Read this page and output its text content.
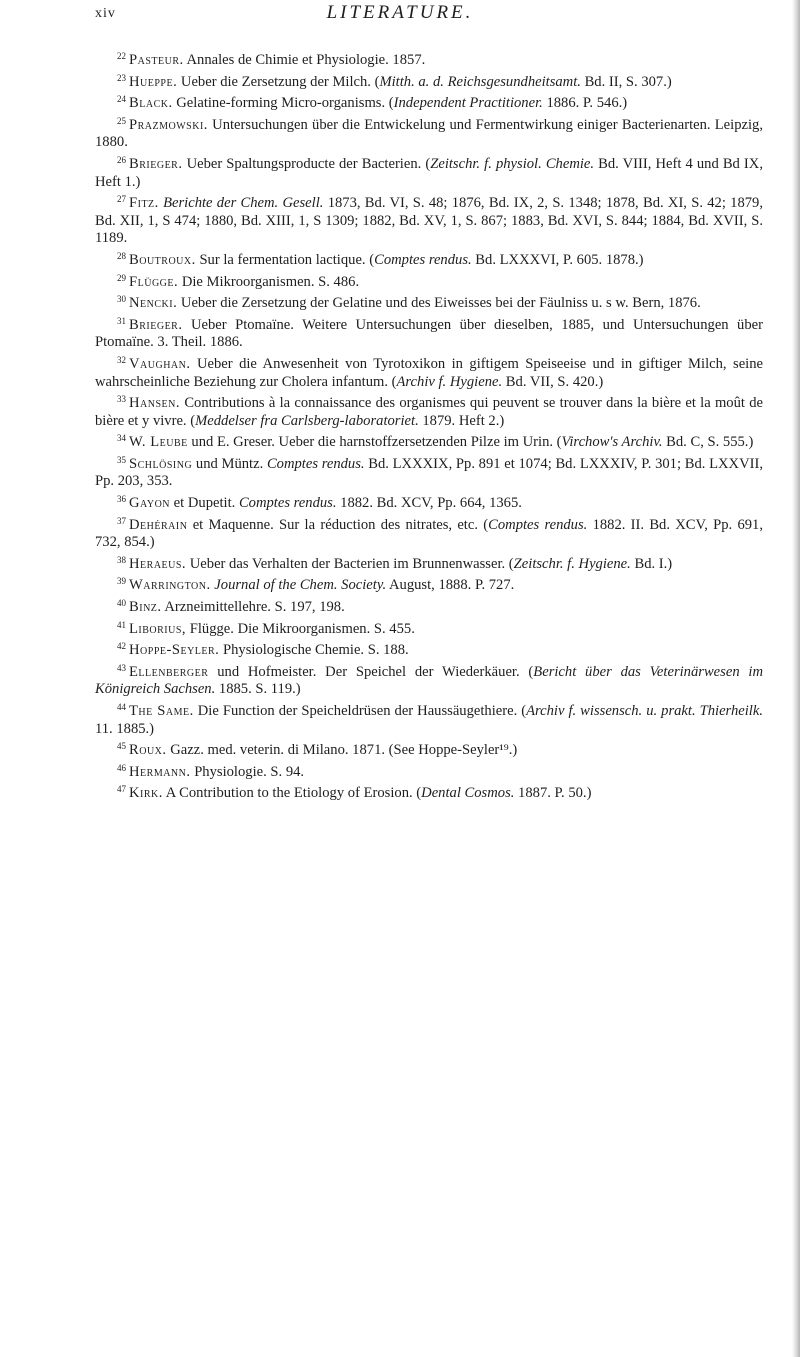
xiv	LITERATURE.
$^{22}$ Pasteur. Annales de Chimie et Physiologie. 1857.
$^{23}$ Hueppe. Ueber die Zersetzung der Milch. (Mitth. a. d. Reichsgesundheitsamt. Bd. II, S. 307.)
$^{24}$ Black. Gelatine-forming Micro-organisms. (Independent Practitioner. 1886. P. 546.)
$^{25}$ Prazmowski. Untersuchungen über die Entwickelung und Fermentwirkung einiger Bacterienarten. Leipzig, 1880.
$^{26}$ Brieger. Ueber Spaltungsproducte der Bacterien. (Zeitschr. f. physiol. Chemie. Bd. VIII, Heft 4 und Bd IX, Heft 1.)
$^{27}$ Fitz. Berichte der Chem. Gesell. 1873, Bd. VI, S. 48; 1876, Bd. IX, 2, S. 1348; 1878, Bd. XI, S. 42; 1879, Bd. XII, 1, S 474; 1880, Bd. XIII, 1, S 1309; 1882, Bd. XV, 1, S. 867; 1883, Bd. XVI, S. 844; 1884, Bd. XVII, S. 1189.
$^{28}$ Boutroux. Sur la fermentation lactique. (Comptes rendus. Bd. LXXXVI, P. 605. 1878.)
$^{29}$ Flügge. Die Mikroorganismen. S. 486.
$^{30}$ Nencki. Ueber die Zersetzung der Gelatine und des Eiweisses bei der Fäulniss u. s w. Bern, 1876.
$^{31}$ Brieger. Ueber Ptomaïne. Weitere Untersuchungen über dieselben, 1885, und Untersuchungen über Ptomaïne. 3. Theil. 1886.
$^{32}$ Vaughan. Ueber die Anwesenheit von Tyrotoxikon in giftigem Speiseeise und in giftiger Milch, seine wahrscheinliche Beziehung zur Cholera infantum. (Archiv f. Hygiene. Bd. VII, S. 420.)
$^{33}$ Hansen. Contributions à la connaissance des organismes qui peuvent se trouver dans la bière et la moût de bière et y vivre. (Meddelser fra Carlsberg-laboratoriet. 1879. Heft 2.)
$^{34}$ W. Leube und E. Greser. Ueber die harnstoffzersetzenden Pilze im Urin. (Virchow's Archiv. Bd. C, S. 555.)
$^{35}$ Schlösing und Müntz. Comptes rendus. Bd. LXXXIX, Pp. 891 et 1074; Bd. LXXXIV, P. 301; Bd. LXXVII, Pp. 203, 353.
$^{36}$ Gayon et Dupetit. Comptes rendus. 1882. Bd. XCV, Pp. 664, 1365.
$^{37}$ Dehérain et Maquenne. Sur la réduction des nitrates, etc. (Comptes rendus. 1882. II. Bd. XCV, Pp. 691, 732, 854.)
$^{38}$ Heraeus. Ueber das Verhalten der Bacterien im Brunnenwasser. (Zeitschr. f. Hygiene. Bd. I.)
$^{39}$ Warrington. Journal of the Chem. Society. August, 1888. P. 727.
$^{40}$ Binz. Arzneimittellehre. S. 197, 198.
$^{41}$ Liborius, Flügge. Die Mikroorganismen. S. 455.
$^{42}$ Hoppe-Seyler. Physiologische Chemie. S. 188.
$^{43}$ Ellenberger und Hofmeister. Der Speichel der Wiederkäuer. (Bericht über das Veterinärwesen im Königreich Sachsen. 1885. S. 119.)
$^{44}$ The Same. Die Function der Speicheldrüsen der Haussäugethiere. (Archiv f. wissensch. u. prakt. Thierheilk. 11. 1885.)
$^{45}$ Roux. Gazz. med. veterin. di Milano. 1871. (See Hoppe-Seyler¹⁹.)
$^{46}$ Hermann. Physiologie. S. 94.
$^{47}$ Kirk. A Contribution to the Etiology of Erosion. (Dental Cosmos. 1887. P. 50.)
